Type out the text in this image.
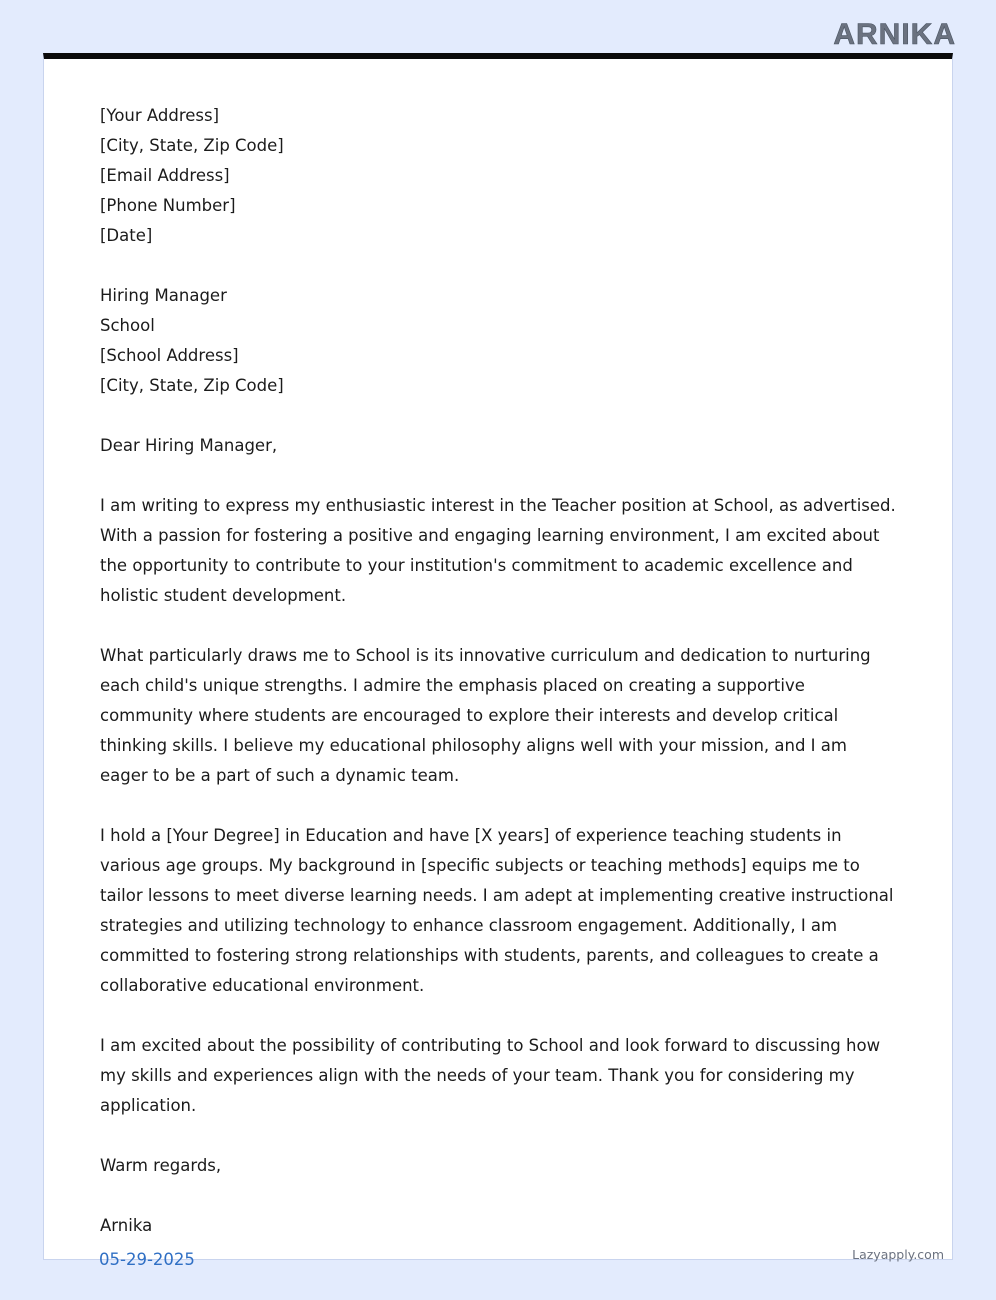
ARNIKA
[Your Address]
[City, State, Zip Code]
[Email Address]
[Phone Number]
[Date]
Hiring Manager
School
[School Address]
[City, State, Zip Code]

Dear Hiring Manager,

I am writing to express my enthusiastic interest in the Teacher position at School, as advertised. With a passion for fostering a positive and engaging learning environment, I am excited about the opportunity to contribute to your institution's commitment to academic excellence and holistic student development.

What particularly draws me to School is its innovative curriculum and dedication to nurturing each child's unique strengths. I admire the emphasis placed on creating a supportive community where students are encouraged to explore their interests and develop critical thinking skills. I believe my educational philosophy aligns well with your mission, and I am eager to be a part of such a dynamic team.

I hold a [Your Degree] in Education and have [X years] of experience teaching students in various age groups. My background in [specific subjects or teaching methods] equips me to tailor lessons to meet diverse learning needs. I am adept at implementing creative instructional strategies and utilizing technology to enhance classroom engagement. Additionally, I am committed to fostering strong relationships with students, parents, and colleagues to create a collaborative educational environment.

I am excited about the possibility of contributing to School and look forward to discussing how my skills and experiences align with the needs of your team. Thank you for considering my application.

Warm regards,

Arnika

05-29-2025	Lazyapply.com
